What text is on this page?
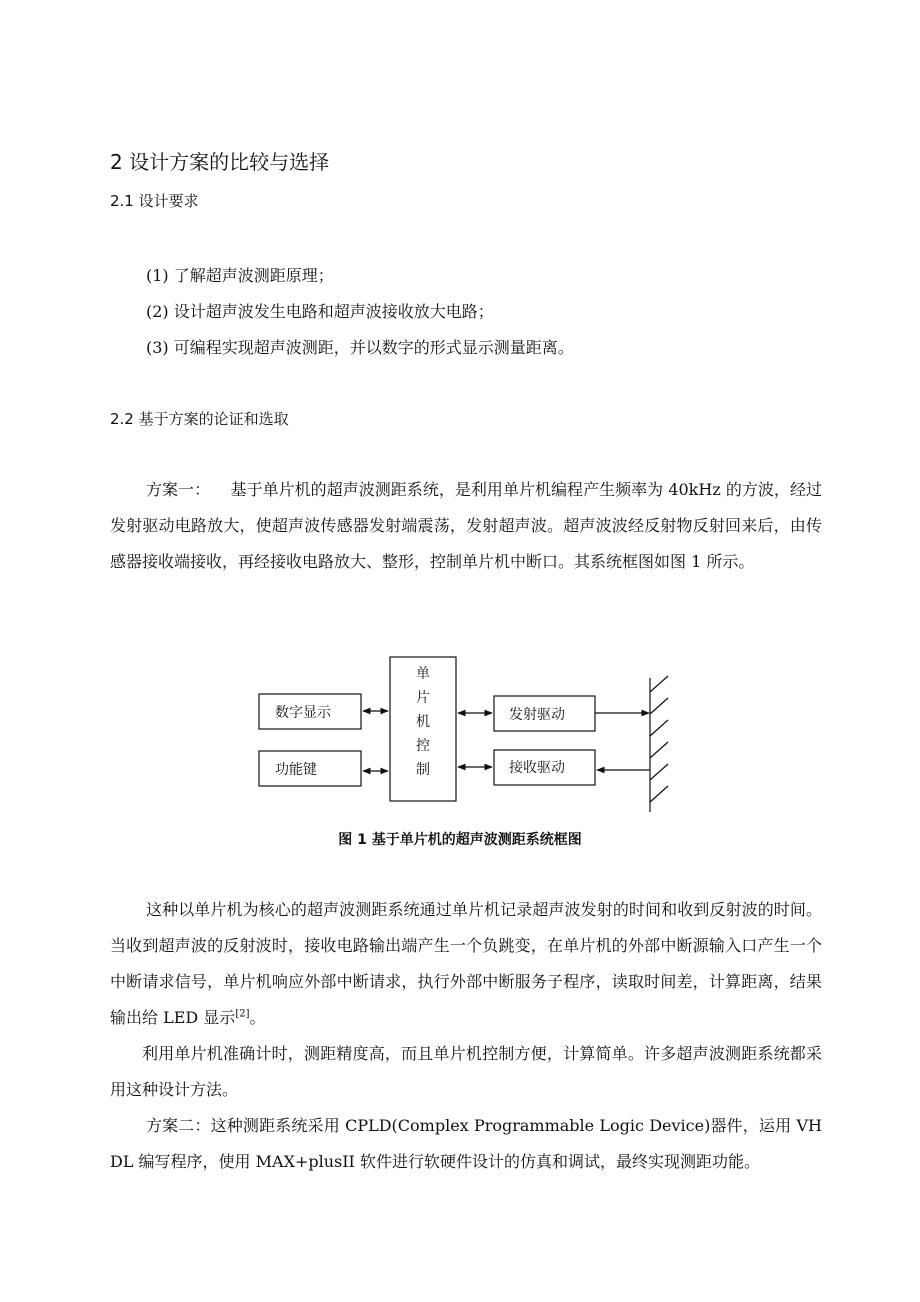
2 设计方案的比较与选择
2.1 设计要求
(1) 了解超声波测距原理；
(2) 设计超声波发生电路和超声波接收放大电路；
(3) 可编程实现超声波测距，并以数字的形式显示测量距离。
2.2 基于方案的论证和选取

方案一：    基于单片机的超声波测距系统，是利用单片机编程产生频率为 40kHz 的方波，经过发射驱动电路放大，使超声波传感器发射端震荡，发射超声波。超声波波经反射物反射回来后，由传感器接收端接收，再经接收电路放大、整形，控制单片机中断口。其系统框图如图 1 所示。

单
片
机
控
制
数字显示
功能键
发射驱动
接收驱动
图 1 基于单片机的超声波测距系统框图

这种以单片机为核心的超声波测距系统通过单片机记录超声波发射的时间和收到反射波的时间。当收到超声波的反射波时，接收电路输出端产生一个负跳变，在单片机的外部中断源输入口产生一个中断请求信号，单片机响应外部中断请求，执行外部中断服务子程序，读取时间差，计算距离，结果输出给 LED 显示[2]。

利用单片机准确计时，测距精度高，而且单片机控制方便，计算简单。许多超声波测距系统都采用这种设计方法。

方案二：这种测距系统采用 CPLD(Complex Programmable Logic Device)器件，运用 VHDL 编写程序，使用 MAX+plusII 软件进行软硬件设计的仿真和调试，最终实现测距功能。
